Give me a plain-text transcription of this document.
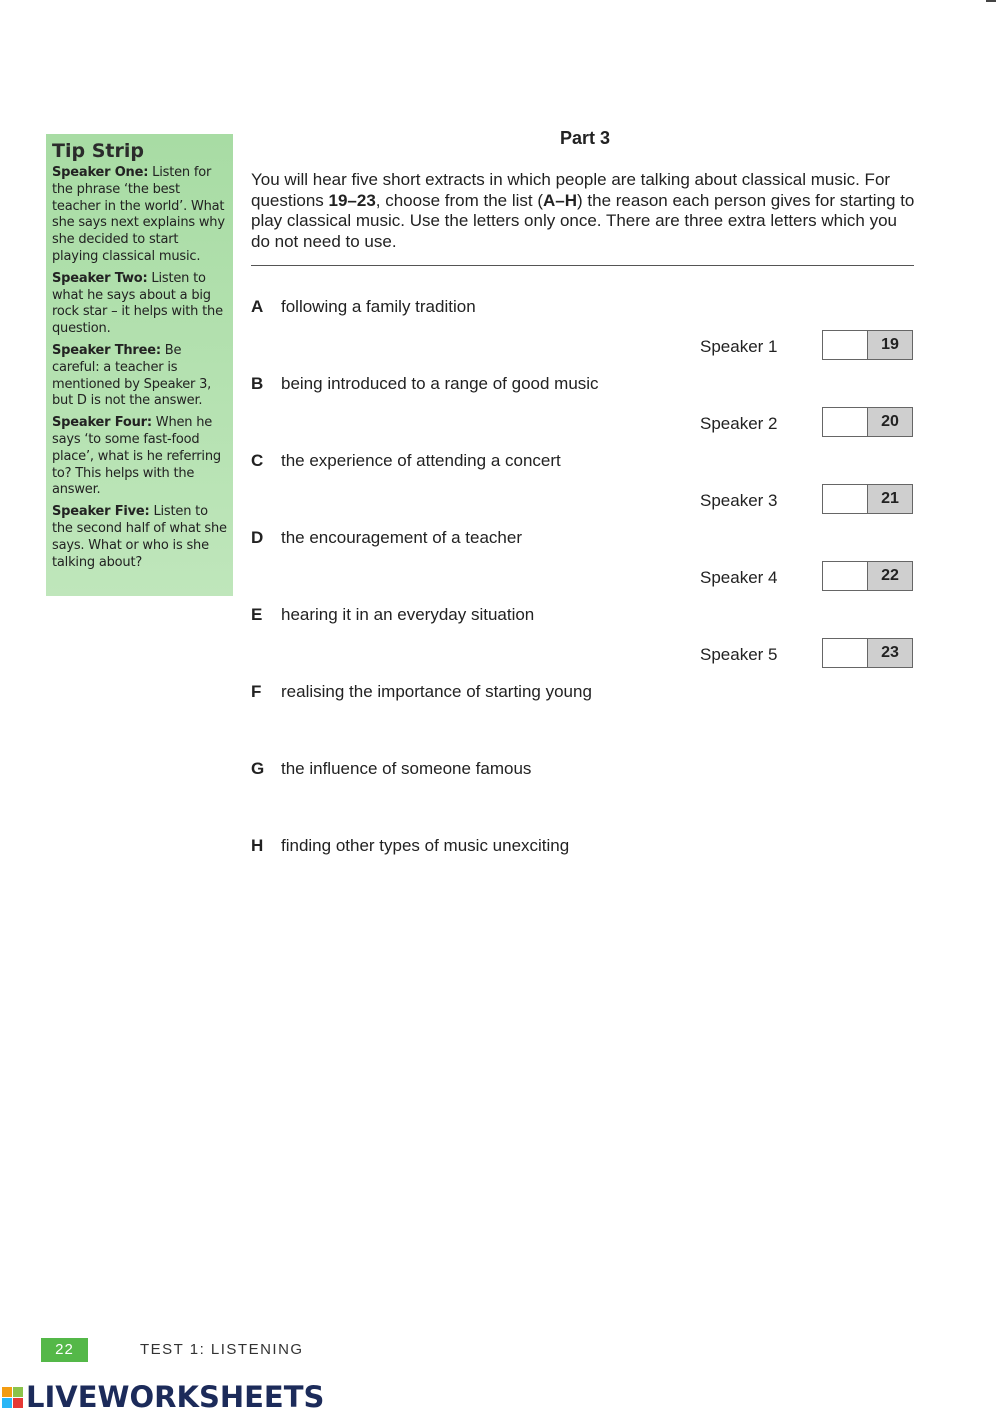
Tip Strip
Speaker One: Listen for the phrase ‘the best teacher in the world’. What she says next explains why she decided to start playing classical music.
Speaker Two: Listen to what he says about a big rock star – it helps with the question.
Speaker Three: Be careful: a teacher is mentioned by Speaker 3, but D is not the answer.
Speaker Four: When he says ‘to some fast-food place’, what is he referring to? This helps with the answer.
Speaker Five: Listen to the second half of what she says. What or who is she talking about?
Part 3
You will hear five short extracts in which people are talking about classical music. For questions 19–23, choose from the list (A–H) the reason each person gives for starting to play classical music. Use the letters only once. There are three extra letters which you do not need to use.
A following a family tradition
B being introduced to a range of good music
C the experience of attending a concert
D the encouragement of a teacher
E hearing it in an everyday situation
F realising the importance of starting young
G the influence of someone famous
H finding other types of music unexciting
Speaker 1	19
Speaker 2	20
Speaker 3	21
Speaker 4	22
Speaker 5	23
22	TEST 1: LISTENING
LIVEWORKSHEETS
